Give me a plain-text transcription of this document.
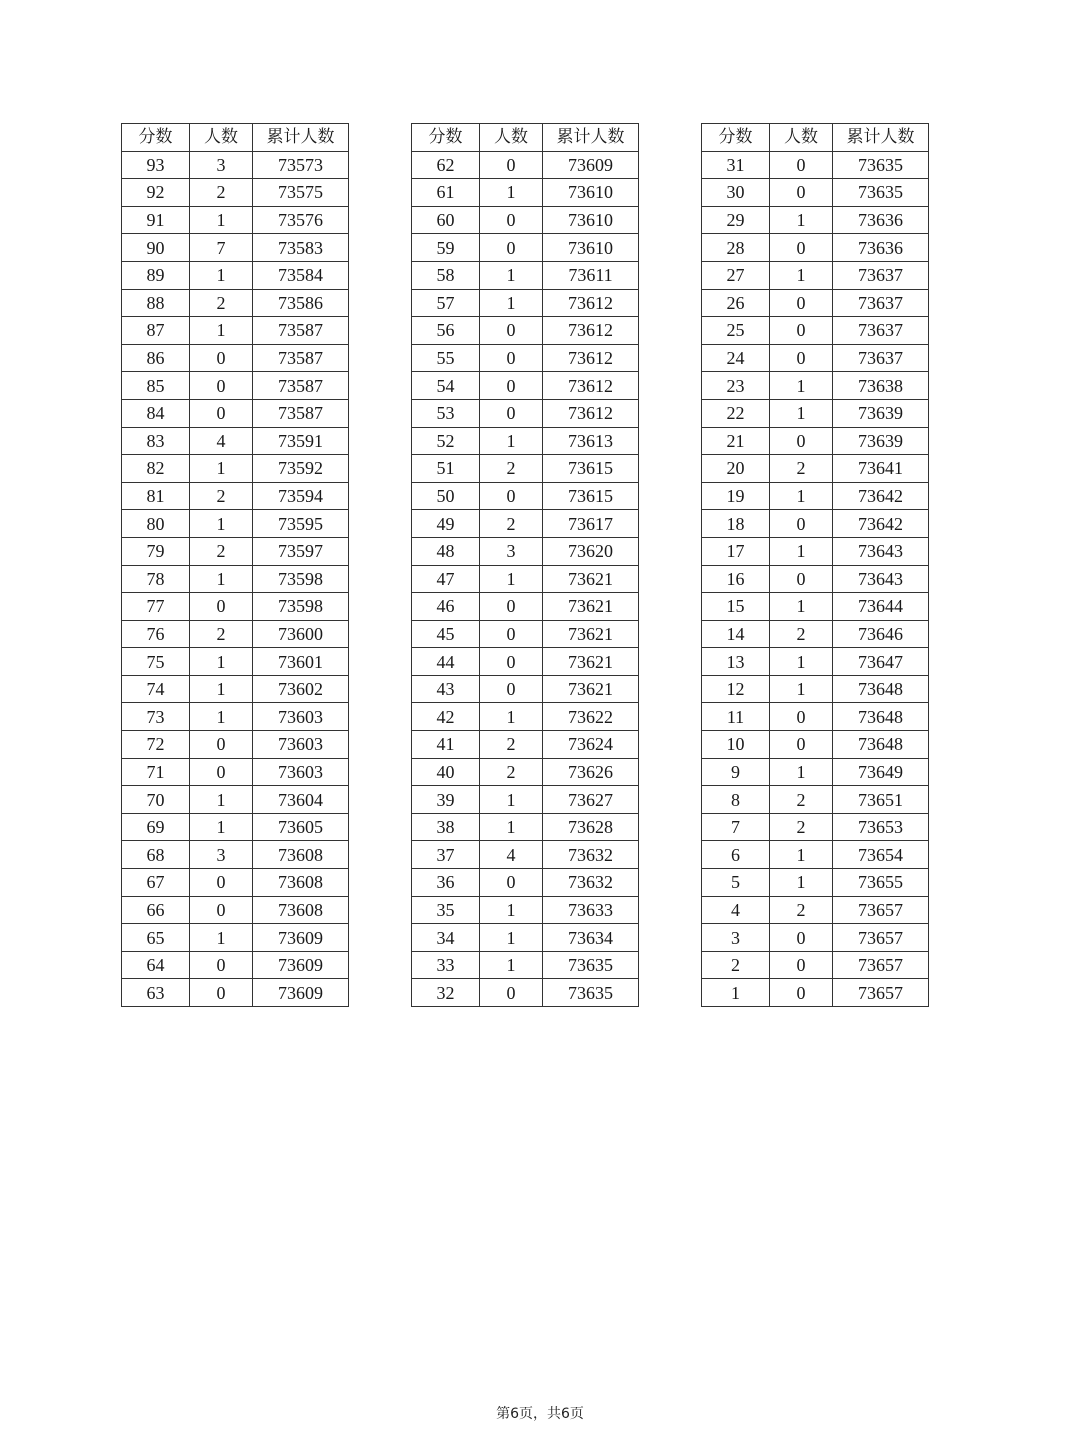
分数	人数	累计人数
93	3	73573
92	2	73575
91	1	73576
90	7	73583
89	1	73584
88	2	73586
87	1	73587
86	0	73587
85	0	73587
84	0	73587
83	4	73591
82	1	73592
81	2	73594
80	1	73595
79	2	73597
78	1	73598
77	0	73598
76	2	73600
75	1	73601
74	1	73602
73	1	73603
72	0	73603
71	0	73603
70	1	73604
69	1	73605
68	3	73608
67	0	73608
66	0	73608
65	1	73609
64	0	73609
63	0	73609
分数	人数	累计人数
62	0	73609
61	1	73610
60	0	73610
59	0	73610
58	1	73611
57	1	73612
56	0	73612
55	0	73612
54	0	73612
53	0	73612
52	1	73613
51	2	73615
50	0	73615
49	2	73617
48	3	73620
47	1	73621
46	0	73621
45	0	73621
44	0	73621
43	0	73621
42	1	73622
41	2	73624
40	2	73626
39	1	73627
38	1	73628
37	4	73632
36	0	73632
35	1	73633
34	1	73634
33	1	73635
32	0	73635
分数	人数	累计人数
31	0	73635
30	0	73635
29	1	73636
28	0	73636
27	1	73637
26	0	73637
25	0	73637
24	0	73637
23	1	73638
22	1	73639
21	0	73639
20	2	73641
19	1	73642
18	0	73642
17	1	73643
16	0	73643
15	1	73644
14	2	73646
13	1	73647
12	1	73648
11	0	73648
10	0	73648
9	1	73649
8	2	73651
7	2	73653
6	1	73654
5	1	73655
4	2	73657
3	0	73657
2	0	73657
1	0	73657
第6页，共6页
